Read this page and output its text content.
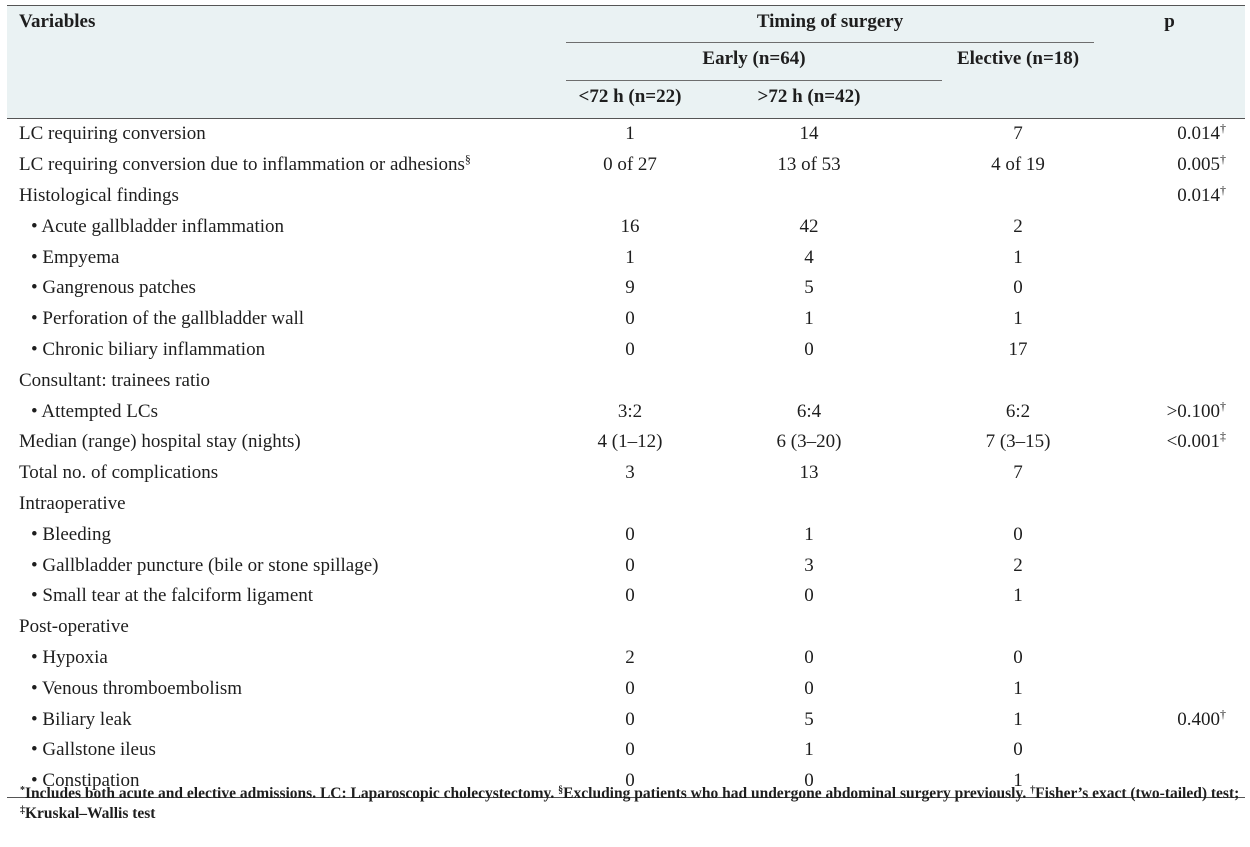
Variables	Timing of surgery			p
	Early (n=64)		Elective (n=18)	
	<72 h (n=22)	>72 h (n=42)		
LC requiring conversion	1	14	7	0.014†
LC requiring conversion due to inflammation or adhesions§	0 of 27	13 of 53	4 of 19	0.005†
Histological findings				0.014†
• Acute gallbladder inflammation	16	42	2	
• Empyema	1	4	1	
• Gangrenous patches	9	5	0	
• Perforation of the gallbladder wall	0	1	1	
• Chronic biliary inflammation	0	0	17	
Consultant: trainees ratio				
• Attempted LCs	3:2	6:4	6:2	>0.100†
Median (range) hospital stay (nights)	4 (1–12)	6 (3–20)	7 (3–15)	<0.001‡
Total no. of complications	3	13	7	
Intraoperative				
• Bleeding	0	1	0	
• Gallbladder puncture (bile or stone spillage)	0	3	2	
• Small tear at the falciform ligament	0	0	1	
Post-operative				
• Hypoxia	2	0	0	
• Venous thromboembolism	0	0	1	
• Biliary leak	0	5	1	0.400†
• Gallstone ileus	0	1	0	
• Constipation	0	0	1	
*Includes both acute and elective admissions. LC: Laparoscopic cholecystectomy. §Excluding patients who had undergone abdominal surgery previously. †Fisher’s exact (two-tailed) test; ‡Kruskal–Wallis test
